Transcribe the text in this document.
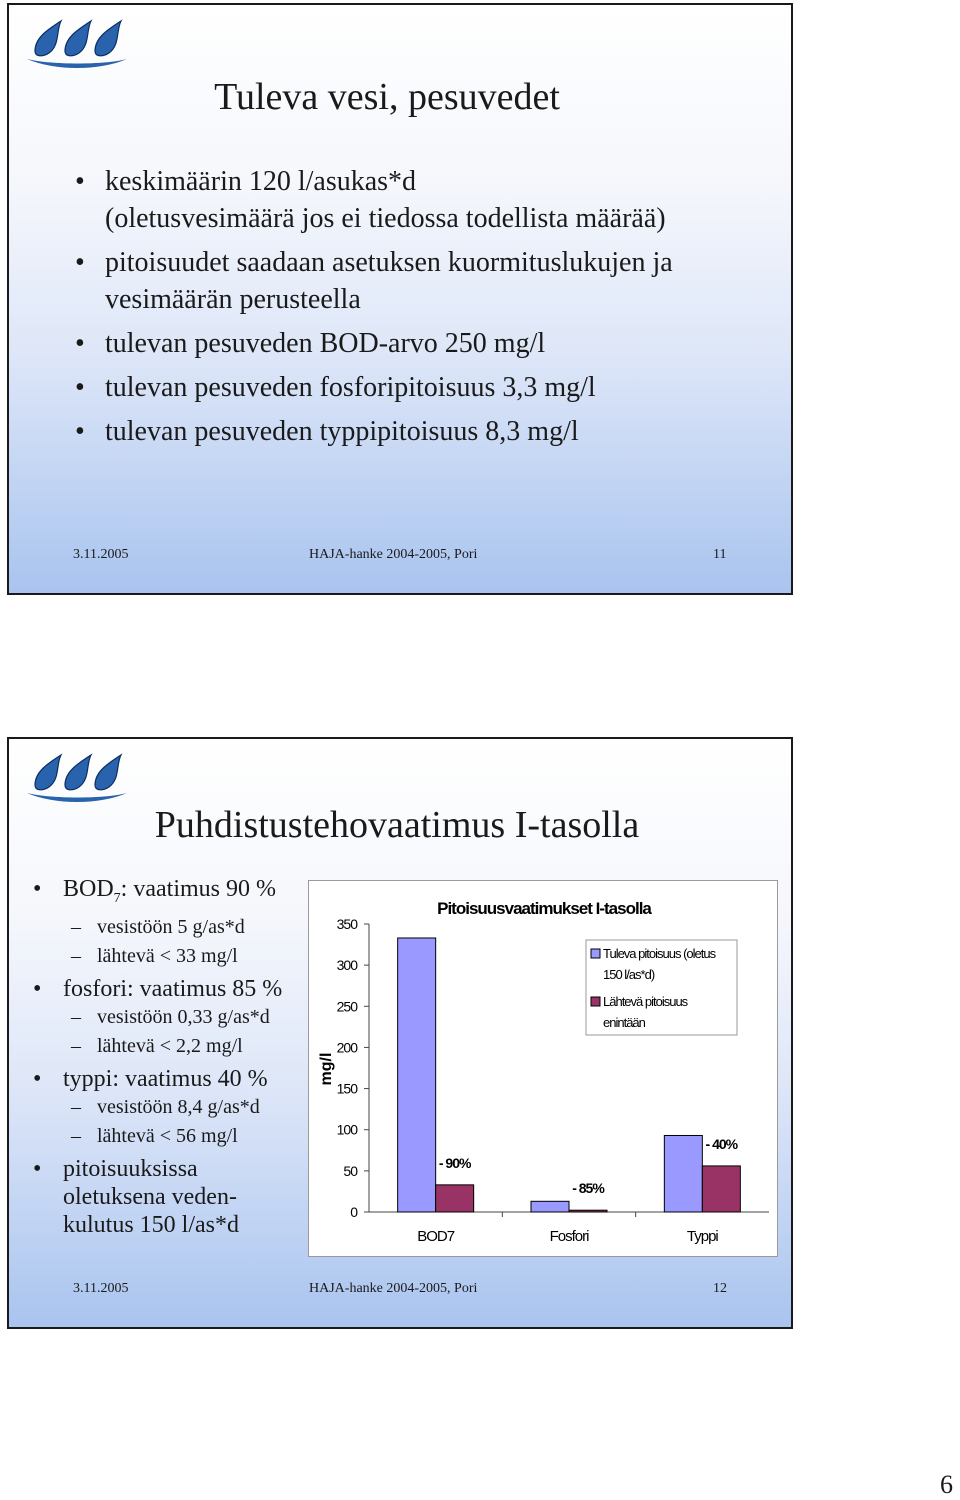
Tuleva vesi, pesuvedet
• keskimäärin 120 l/asukas*d
(oletusvesimäärä jos ei tiedossa todellista määrää)
• pitoisuudet saadaan asetuksen kuormituslukujen ja
vesimäärän perusteella
• tulevan pesuveden BOD-arvo 250 mg/l
• tulevan pesuveden fosforipitoisuus 3,3 mg/l
• tulevan pesuveden typpipitoisuus 8,3 mg/l
3.11.2005	HAJA-hanke 2004-2005, Pori	11
Puhdistustehovaatimus I-tasolla
• $BOD_7$: vaatimus 90 %
– vesistöön 5 g/as*d
– lähtevä < 33 mg/l
• fosfori: vaatimus 85 %
– vesistöön 0,33 g/as*d
– lähtevä < 2,2 mg/l
• typpi: vaatimus 40 %
– vesistöön 8,4 g/as*d
– lähtevä < 56 mg/l
• pitoisuuksissa
oletuksena veden-
kulutus 150 l/as*d
Pitoisuusvaatimukset I-tasolla
mg/l
0
50
100
150
200
250
300
350
BOD7
- 90%
Fosfori
- 85%
Typpi
- 40%
Tuleva pitoisuus (oletus
150 l/as*d)
Lähtevä pitoisuus
enintään
3.11.2005	HAJA-hanke 2004-2005, Pori	12
6
